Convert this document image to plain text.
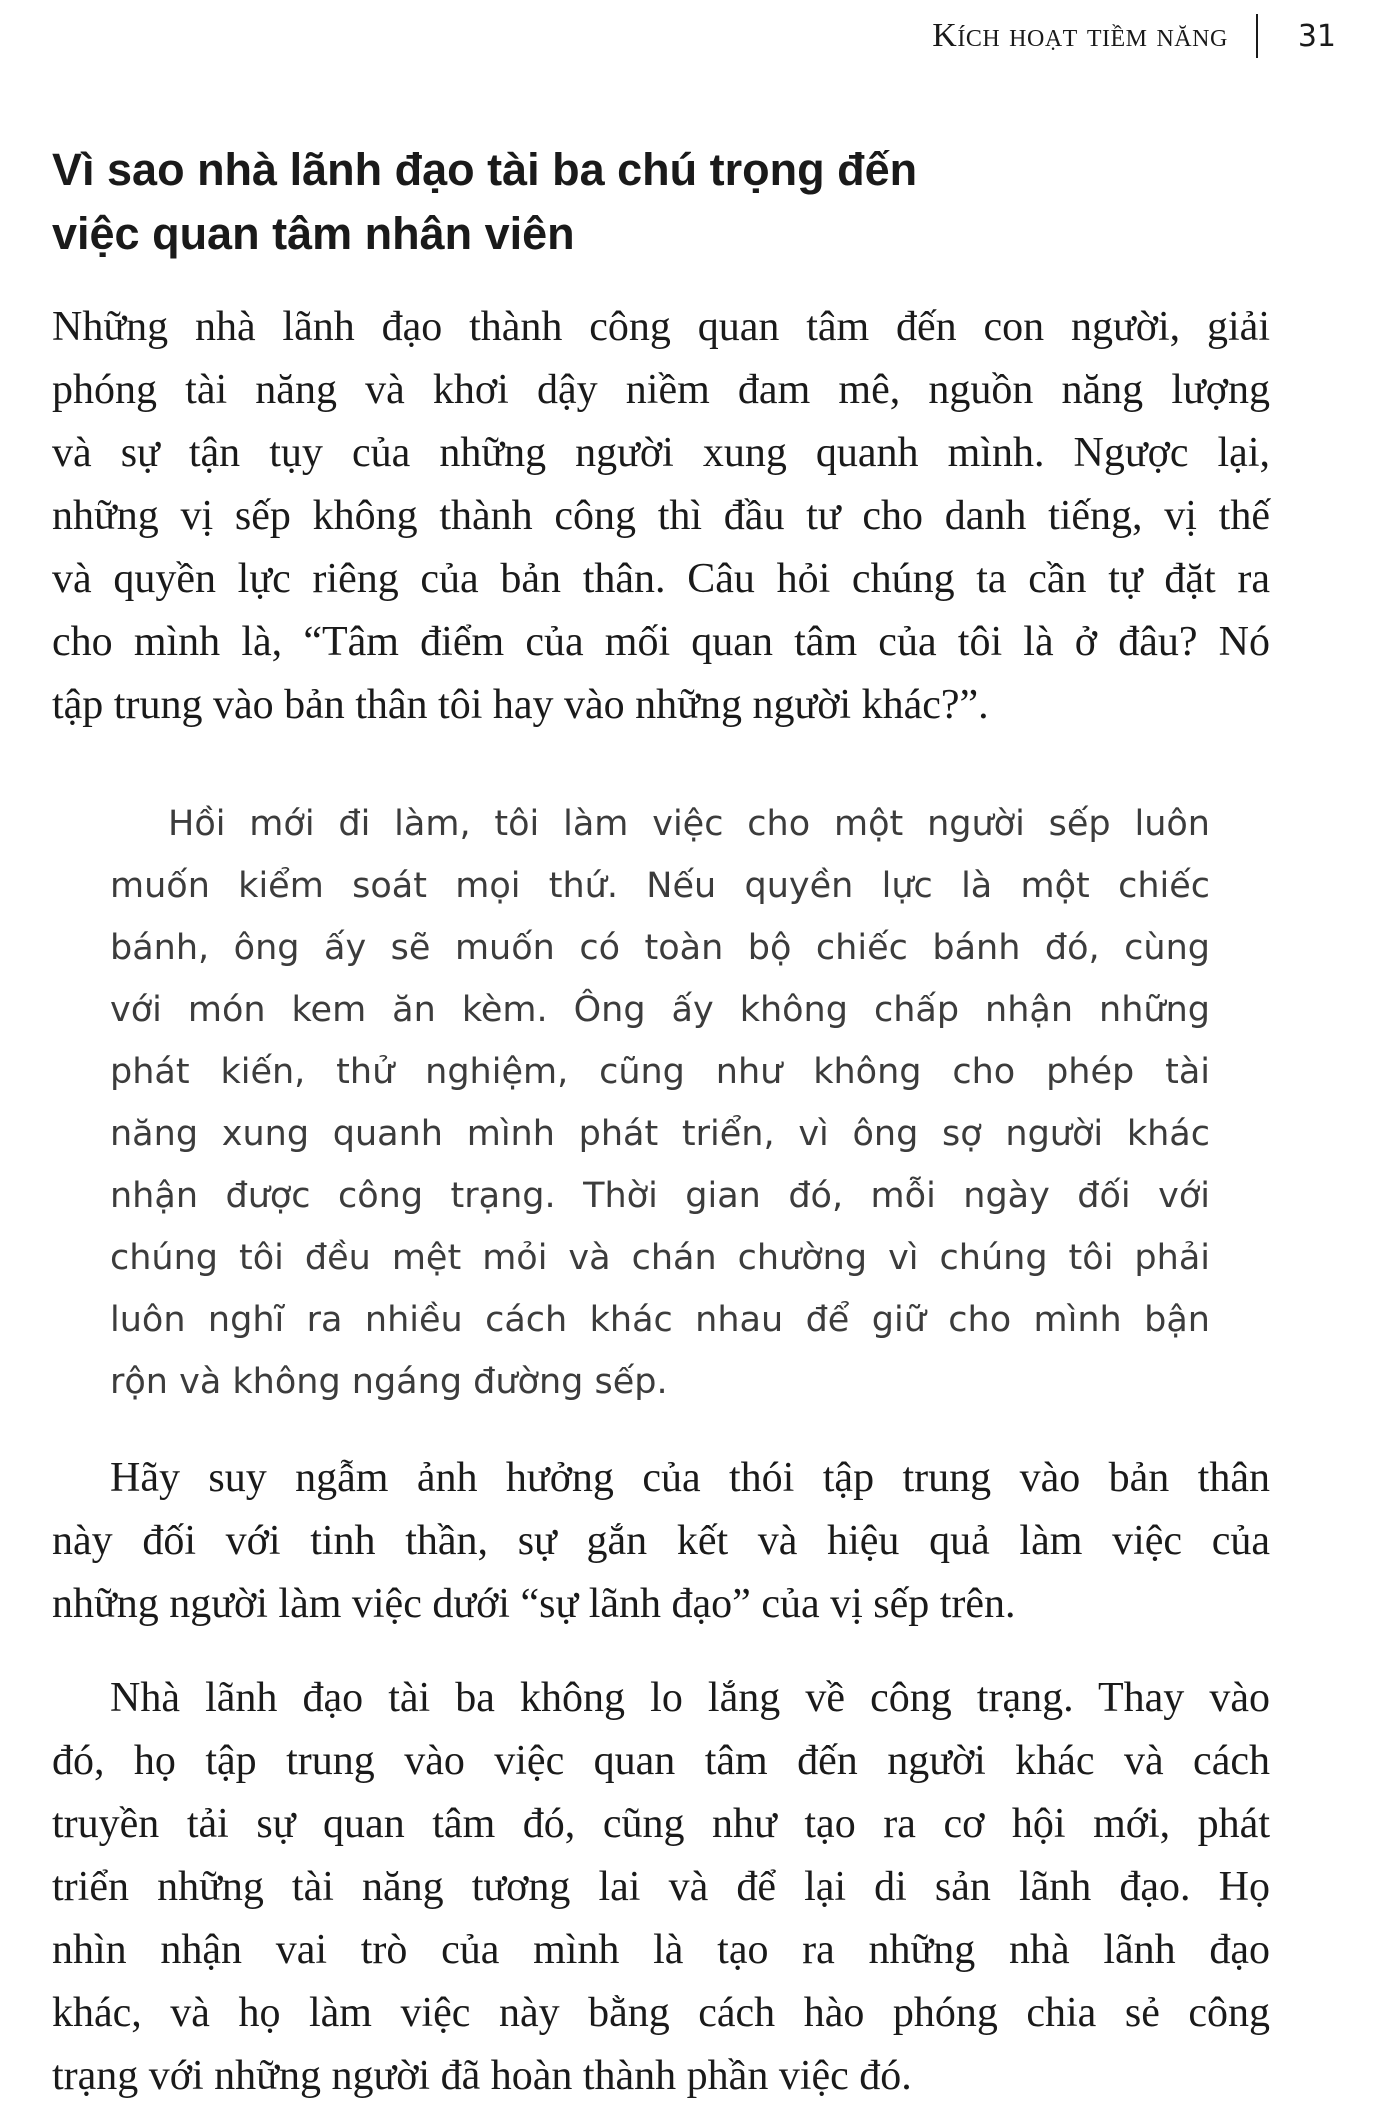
Kích hoạt tiềm năng	31
Vì sao nhà lãnh đạo tài ba chú trọng đến
việc quan tâm nhân viên

Những nhà lãnh đạo thành công quan tâm đến con người, giải
phóng tài năng và khơi dậy niềm đam mê, nguồn năng lượng
và sự tận tụy của những người xung quanh mình. Ngược lại,
những vị sếp không thành công thì đầu tư cho danh tiếng, vị thế
và quyền lực riêng của bản thân. Câu hỏi chúng ta cần tự đặt ra
cho mình là, “Tâm điểm của mối quan tâm của tôi là ở đâu? Nó
tập trung vào bản thân tôi hay vào những người khác?”.

Hồi mới đi làm, tôi làm việc cho một người sếp luôn
muốn kiểm soát mọi thứ. Nếu quyền lực là một chiếc
bánh, ông ấy sẽ muốn có toàn bộ chiếc bánh đó, cùng
với món kem ăn kèm. Ông ấy không chấp nhận những
phát kiến, thử nghiệm, cũng như không cho phép tài
năng xung quanh mình phát triển, vì ông sợ người khác
nhận được công trạng. Thời gian đó, mỗi ngày đối với
chúng tôi đều mệt mỏi và chán chường vì chúng tôi phải
luôn nghĩ ra nhiều cách khác nhau để giữ cho mình bận
rộn và không ngáng đường sếp.

Hãy suy ngẫm ảnh hưởng của thói tập trung vào bản thân
này đối với tinh thần, sự gắn kết và hiệu quả làm việc của
những người làm việc dưới “sự lãnh đạo” của vị sếp trên.

Nhà lãnh đạo tài ba không lo lắng về công trạng. Thay vào
đó, họ tập trung vào việc quan tâm đến người khác và cách
truyền tải sự quan tâm đó, cũng như tạo ra cơ hội mới, phát
triển những tài năng tương lai và để lại di sản lãnh đạo. Họ
nhìn nhận vai trò của mình là tạo ra những nhà lãnh đạo
khác, và họ làm việc này bằng cách hào phóng chia sẻ công
trạng với những người đã hoàn thành phần việc đó.
